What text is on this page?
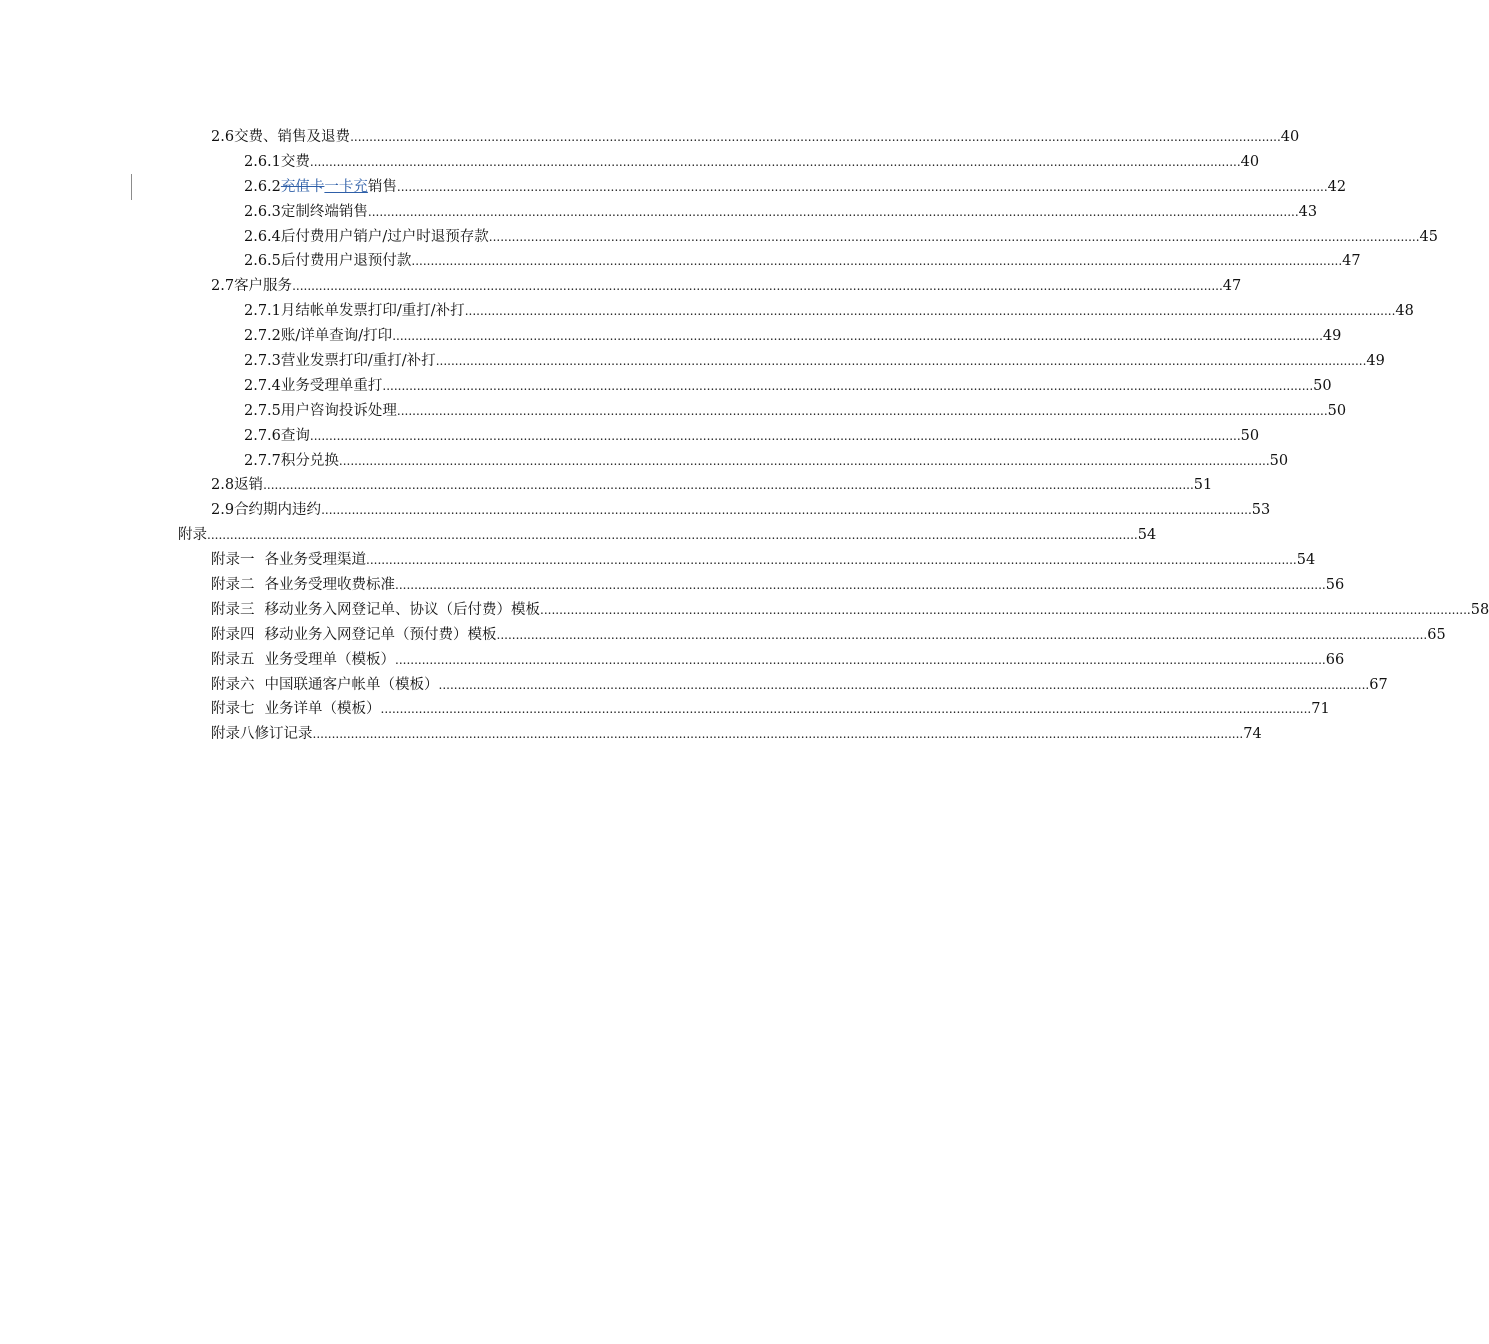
2.6 交费、销售及退费 .................................................................................................................................................................................................................................................... 40
2.6.1 交费 .................................................................................................................................................................................................................................................... 40
2.6.2 充值卡一卡充销售 .................................................................................................................................................................................................................................................... 42
2.6.3 定制终端销售 .................................................................................................................................................................................................................................................... 43
2.6.4 后付费用户销户/过户时退预存款 .................................................................................................................................................................................................................................................... 45
2.6.5 后付费用户退预付款 .................................................................................................................................................................................................................................................... 47
2.7 客户服务 .................................................................................................................................................................................................................................................... 47
2.7.1 月结帐单发票打印/重打/补打 .................................................................................................................................................................................................................................................... 48
2.7.2 账/详单查询/打印 .................................................................................................................................................................................................................................................... 49
2.7.3 营业发票打印/重打/补打 .................................................................................................................................................................................................................................................... 49
2.7.4 业务受理单重打 .................................................................................................................................................................................................................................................... 50
2.7.5 用户咨询投诉处理 .................................................................................................................................................................................................................................................... 50
2.7.6 查询 .................................................................................................................................................................................................................................................... 50
2.7.7 积分兑换 .................................................................................................................................................................................................................................................... 50
2.8 返销 .................................................................................................................................................................................................................................................... 51
2.9 合约期内违约 .................................................................................................................................................................................................................................................... 53
附录 .................................................................................................................................................................................................................................................... 54
附录一 各业务受理渠道 .................................................................................................................................................................................................................................................... 54
附录二 各业务受理收费标准 .................................................................................................................................................................................................................................................... 56
附录三 移动业务入网登记单、协议（后付费）模板 .................................................................................................................................................................................................................................................... 58
附录四 移动业务入网登记单（预付费）模板 .................................................................................................................................................................................................................................................... 65
附录五 业务受理单（模板） .................................................................................................................................................................................................................................................... 66
附录六 中国联通客户帐单（模板） .................................................................................................................................................................................................................................................... 67
附录七 业务详单（模板） .................................................................................................................................................................................................................................................... 71
附录八 修订记录 .................................................................................................................................................................................................................................................... 74
